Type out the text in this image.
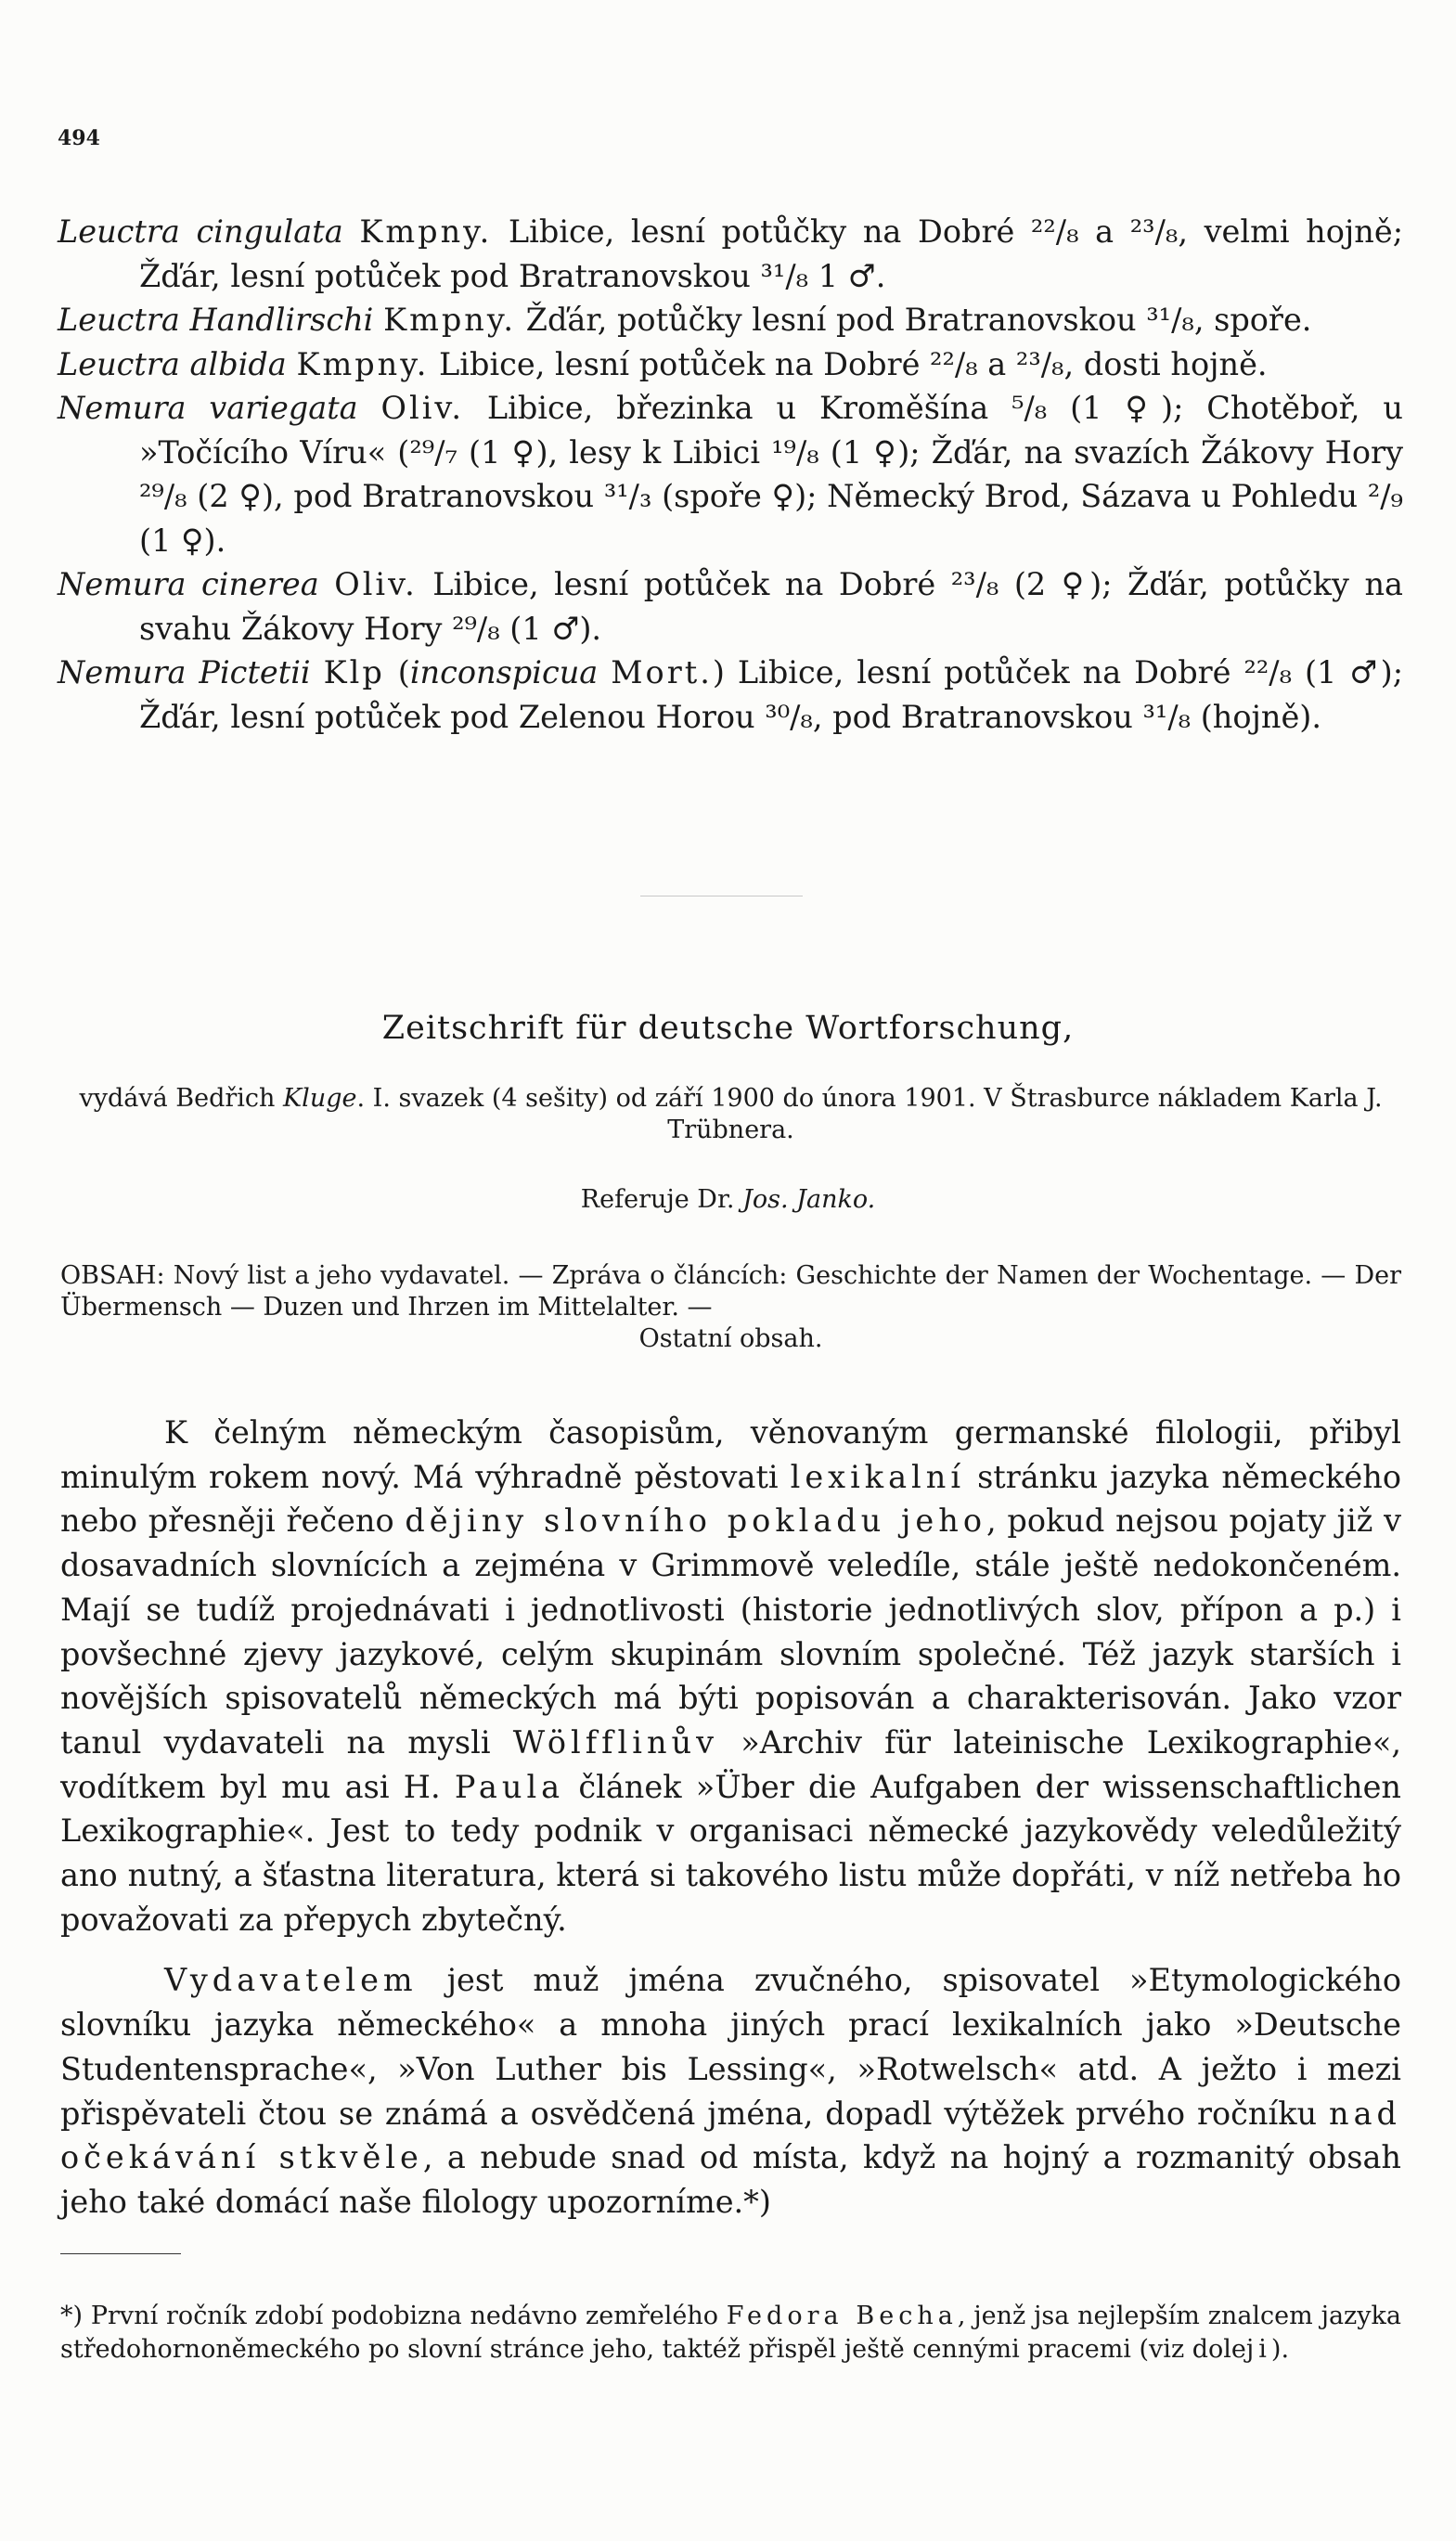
494
Leuctra cingulata Kmpny. Libice, lesní potůčky na Dobré ²²/₈ a ²³/₈, velmi hojně; Žďár, lesní potůček pod Bratranovskou ³¹/₈ 1 ♂.
Leuctra Handlirschi Kmpny. Žďár, potůčky lesní pod Bratranovskou ³¹/₈, spoře.
Leuctra albida Kmpny. Libice, lesní potůček na Dobré ²²/₈ a ²³/₈, dosti hojně.
Nemura variegata Oliv. Libice, březinka u Kroměšína ⁵/₈ (1 ♀); Chotěboř, u »Točícího Víru« (²⁹/₇ (1 ♀), lesy k Libici ¹⁹/₈ (1 ♀); Žďár, na svazích Žákovy Hory ²⁹/₈ (2 ♀), pod Bratranovskou ³¹/₃ (spoře ♀); Německý Brod, Sázava u Pohledu ²/₉ (1 ♀).
Nemura cinerea Oliv. Libice, lesní potůček na Dobré ²³/₈ (2 ♀); Žďár, potůčky na svahu Žákovy Hory ²⁹/₈ (1 ♂).
Nemura Pictetii Klp (inconspicua Mort.) Libice, lesní potůček na Dobré ²²/₈ (1 ♂); Žďár, lesní potůček pod Zelenou Horou ³⁰/₈, pod Bratranovskou ³¹/₈ (hojně).
Zeitschrift für deutsche Wortforschung,
vydává Bedřich Kluge. I. svazek (4 sešity) od září 1900 do února 1901. V Štrasburce nákladem Karla J. Trübnera.
Referuje Dr. Jos. Janko.
OBSAH: Nový list a jeho vydavatel. — Zpráva o článcích: Geschichte der Namen der Wochentage. — Der Übermensch — Duzen und Ihrzen im Mittelalter. —
Ostatní obsah.

K čelným německým časopisům, věnovaným germanské filologii, přibyl minulým rokem nový. Má výhradně pěstovati lexikalní stránku jazyka německého nebo přesněji řečeno dějiny slovního pokladu jeho, pokud nejsou pojaty již v dosavadních slovnících a zejména v Grimmově veledíle, stále ještě nedokončeném. Mají se tudíž projednávati i jednotlivosti (historie jednotlivých slov, přípon a p.) i povšechné zjevy jazykové, celým skupinám slovním společné. Též jazyk starších i novějších spisovatelů německých má býti popisován a charakterisován. Jako vzor tanul vydavateli na mysli Wölfflinův »Archiv für lateinische Lexikographie«, vodítkem byl mu asi H. Paula článek »Über die Aufgaben der wissenschaftlichen Lexikographie«. Jest to tedy podnik v organisaci německé jazykovědy veledůležitý ano nutný, a šťastna literatura, která si takového listu může dopřáti, v níž netřeba ho považovati za přepych zbytečný.

Vydavatelem jest muž jména zvučného, spisovatel »Etymologického slovníku jazyka německého« a mnoha jiných prací lexikalních jako »Deutsche Studentensprache«, »Von Luther bis Lessing«, »Rotwelsch« atd. A ježto i mezi přispěvateli čtou se známá a osvědčená jména, dopadl výtěžek prvého ročníku nad očekávání stkvěle, a nebude snad od místa, když na hojný a rozmanitý obsah jeho také domácí naše filology upozorníme.*)

*) První ročník zdobí podobizna nedávno zemřelého Fedora Becha, jenž jsa nejlepším znalcem jazyka středohornoněmeckého po slovní stránce jeho, taktéž přispěl ještě cennými pracemi (viz doleji).
